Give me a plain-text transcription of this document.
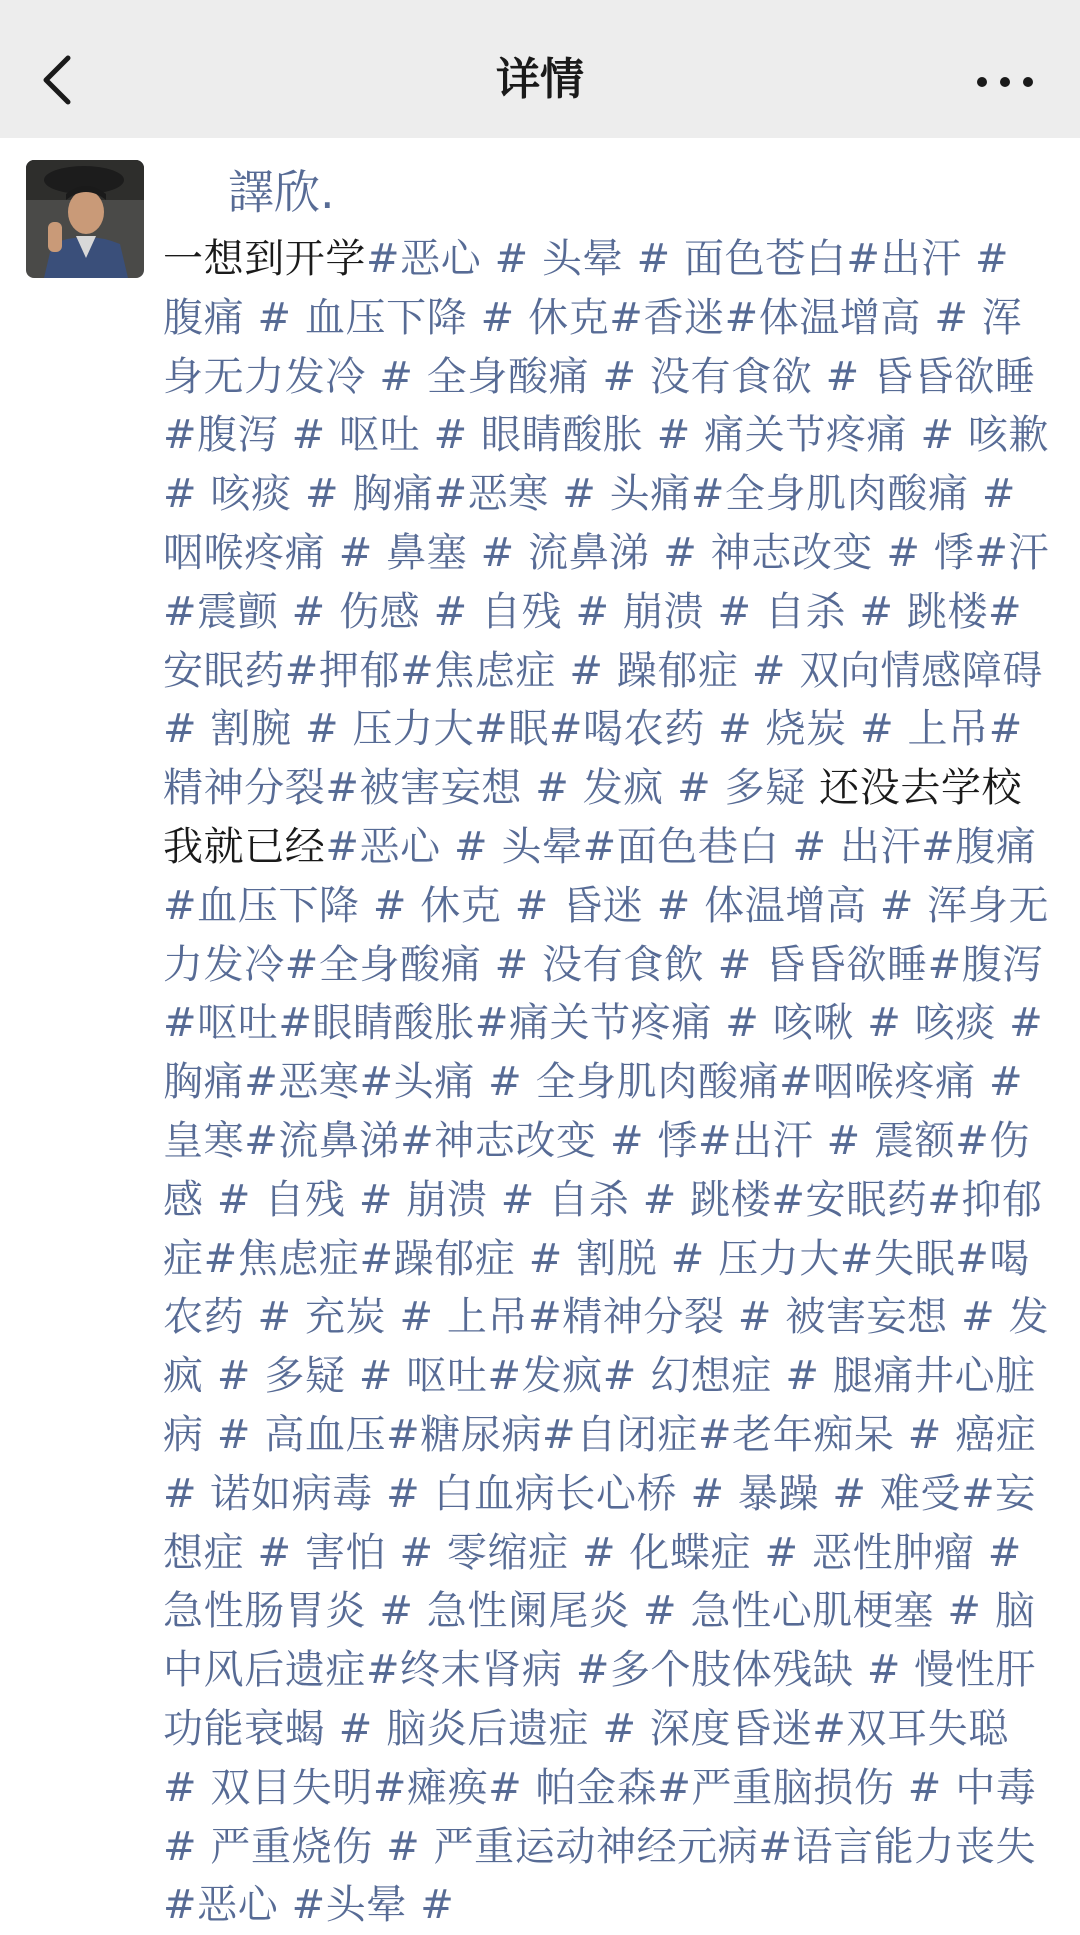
详情
譯欣.
一想到开学#恶心 # 头晕 # 面色苍白#出汗 # 腹痛 # 血压下降 # 休克#香迷#体温增高 # 浑身无力发冷 # 全身酸痛 # 没有食欲 # 昏昏欲睡#腹泻 # 呕吐 # 眼睛酸胀 # 痛关节疼痛 # 咳歉 # 咳痰 # 胸痛#恶寒 # 头痛#全身肌肉酸痛 # 咽喉疼痛 # 鼻塞 # 流鼻涕 # 神志改变 # 悸#汗#震颤 # 伤感 # 自残 # 崩溃 # 自杀 # 跳楼#安眠药#押郁#焦虑症 # 躁郁症 # 双向情感障碍 # 割腕 # 压力大#眠#喝农药 # 烧炭 # 上吊#精神分裂#被害妄想 # 发疯 # 多疑 还没去学校我就已经#恶心 # 头晕#面色巷白 # 出汗#腹痛#血压下降 # 休克 # 昏迷 # 体温增高 # 浑身无力发冷#全身酸痛 # 没有食飲 # 昏昏欲睡#腹泻#呕吐#眼睛酸胀#痛关节疼痛 # 咳啾 # 咳痰 # 胸痛#恶寒#头痛 # 全身肌肉酸痛#咽喉疼痛 # 皇寒#流鼻涕#神志改变 # 悸#出汗 # 震额#伤感 # 自残 # 崩溃 # 自杀 # 跳楼#安眠药#抑郁症#焦虑症#躁郁症 # 割脱 # 压力大#失眠#喝农药 # 充炭 # 上吊#精神分裂 # 被害妄想 # 发疯 # 多疑 # 呕吐#发疯# 幻想症 # 腿痛井心脏病 # 高血压#糖尿病#自闭症#老年痴呆 # 癌症 # 诺如病毒 # 白血病长心桥 # 暴躁 # 难受#妄想症 # 害怕 # 零缩症 # 化蝶症 # 恶性肿瘤 # 急性肠胃炎 # 急性阑尾炎 # 急性心肌梗塞 # 脑中风后遗症#终末肾病 #多个肢体残缺 # 慢性肝功能衰蝎 # 脑炎后遗症 # 深度昏迷#双耳失聪 # 双目失明#瘫痪# 帕金森#严重脑损伤 # 中毒 # 严重烧伤 # 严重运动神经元病#语言能力丧失 #恶心 #头晕 #
